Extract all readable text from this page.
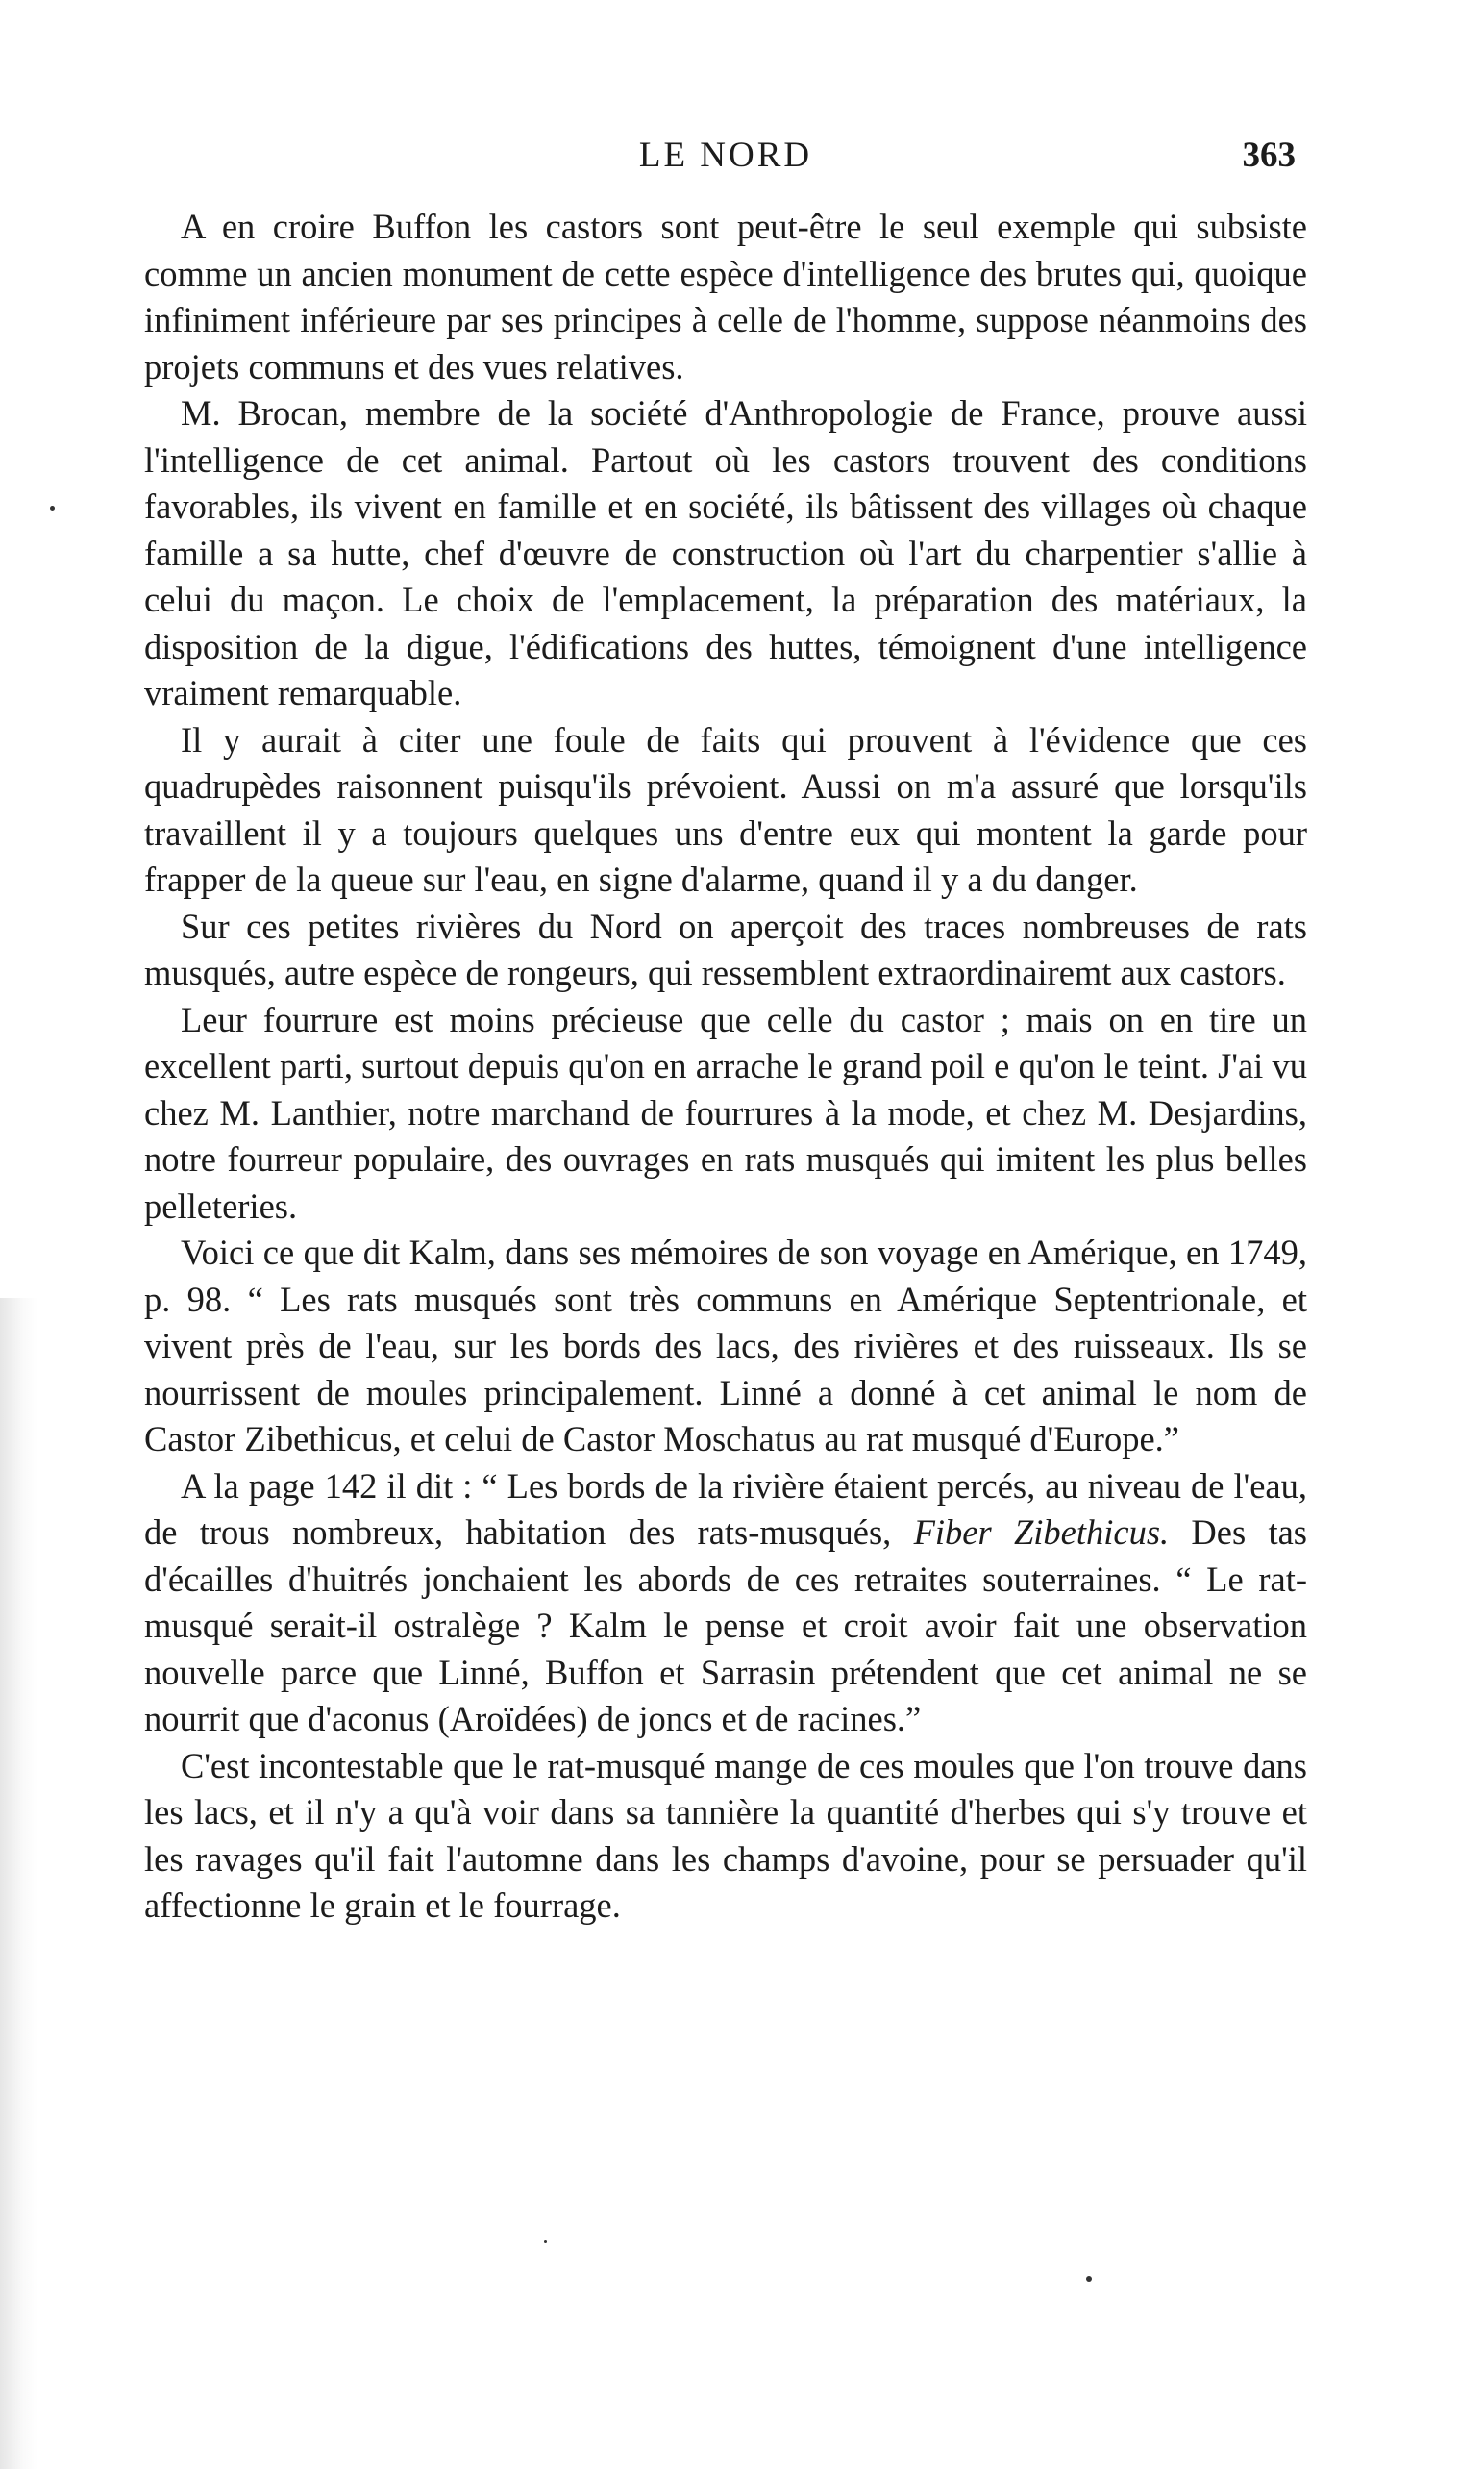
LE NORD	363

A en croire Buffon les castors sont peut-être le seul exemple qui subsiste comme un ancien monument de cette espèce d'intelligence des brutes qui, quoique infiniment inférieure par ses principes à celle de l'homme, suppose néanmoins des projets communs et des vues relatives.

M. Brocan, membre de la société d'Anthropologie de France, prouve aussi l'intelligence de cet animal. Partout où les castors trouvent des conditions favorables, ils vivent en famille et en société, ils bâtissent des villages où chaque famille a sa hutte, chef d'œuvre de construction où l'art du charpentier s'allie à celui du maçon. Le choix de l'emplacement, la préparation des matériaux, la disposition de la digue, l'édifications des huttes, témoignent d'une intelligence vraiment remarquable.

Il y aurait à citer une foule de faits qui prouvent à l'évidence que ces quadrupèdes raisonnent puisqu'ils prévoient. Aussi on m'a assuré que lorsqu'ils travaillent il y a toujours quelques uns d'entre eux qui montent la garde pour frapper de la queue sur l'eau, en signe d'alarme, quand il y a du danger.

Sur ces petites rivières du Nord on aperçoit des traces nombreuses de rats musqués, autre espèce de rongeurs, qui ressemblent extraordinairemt aux castors.

Leur fourrure est moins précieuse que celle du castor ; mais on en tire un excellent parti, surtout depuis qu'on en arrache le grand poil e qu'on le teint. J'ai vu chez M. Lanthier, notre marchand de fourrures à la mode, et chez M. Desjardins, notre fourreur populaire, des ouvrages en rats musqués qui imitent les plus belles pelleteries.

Voici ce que dit Kalm, dans ses mémoires de son voyage en Amérique, en 1749, p. 98. “ Les rats musqués sont très communs en Amérique Septentrionale, et vivent près de l'eau, sur les bords des lacs, des rivières et des ruisseaux. Ils se nourrissent de moules principalement. Linné a donné à cet animal le nom de Castor Zibethicus, et celui de Castor Moschatus au rat musqué d'Europe.”

A la page 142 il dit : “ Les bords de la rivière étaient percés, au niveau de l'eau, de trous nombreux, habitation des rats-musqués, Fiber Zibethicus. Des tas d'écailles d'huitrés jonchaient les abords de ces retraites souterraines. “ Le rat-musqué serait-il ostralège ? Kalm le pense et croit avoir fait une observation nouvelle parce que Linné, Buffon et Sarrasin prétendent que cet animal ne se nourrit que d'aconus (Aroïdées) de joncs et de racines.”

C'est incontestable que le rat-musqué mange de ces moules que l'on trouve dans les lacs, et il n'y a qu'à voir dans sa tannière la quantité d'herbes qui s'y trouve et les ravages qu'il fait l'automne dans les champs d'avoine, pour se persuader qu'il affectionne le grain et le fourrage.
